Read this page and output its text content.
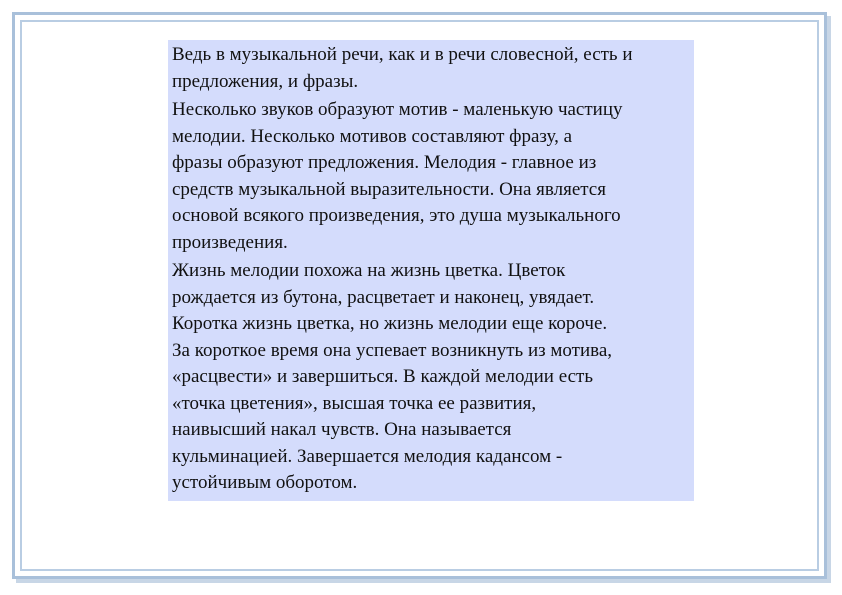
Ведь в музыкальной речи, как и в речи словесной, есть и
предложения, и фразы.

Несколько звуков образуют мотив - маленькую частицу
мелодии. Несколько мотивов составляют фразу, а
фразы образуют предложения. Мелодия - главное из
средств музыкальной выразительности. Она является
основой всякого произведения, это душа музыкального
произведения.

Жизнь мелодии похожа на жизнь цветка. Цветок
рождается из бутона, расцветает и наконец, увядает.
Коротка жизнь цветка, но жизнь мелодии еще короче.
За короткое время она успевает возникнуть из мотива,
«расцвести» и завершиться. В каждой мелодии есть
«точка цветения», высшая точка ее развития,
наивысший накал чувств. Она называется
кульминацией. Завершается мелодия кадансом -
устойчивым оборотом.
